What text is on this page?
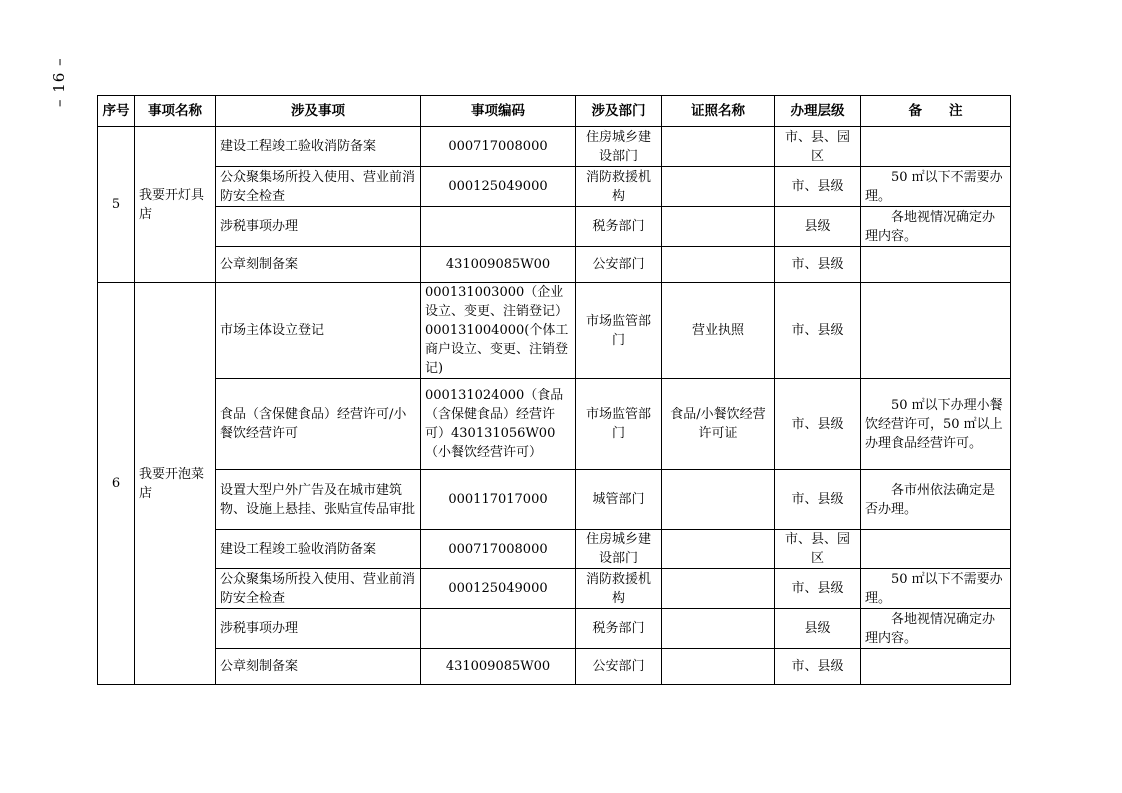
– 16 –
序号	事项名称	涉及事项	事项编码	涉及部门	证照名称	办理层级	备　　注
5	我要开灯具店	建设工程竣工验收消防备案	000717008000	住房城乡建设部门		市、县、园区	
		公众聚集场所投入使用、营业前消防安全检查	000125049000	消防救援机构		市、县级	50 ㎡以下不需要办理。
		涉税事项办理		税务部门		县级	各地视情况确定办理内容。
		公章刻制备案	431009085W00	公安部门		市、县级	
6	我要开泡菜店	市场主体设立登记	000131003000（企业设立、变更、注销登记）000131004000(个体工商户设立、变更、注销登记)	市场监管部门	营业执照	市、县级	
		食品（含保健食品）经营许可/小餐饮经营许可	000131024000（食品（含保健食品）经营许可）430131056W00（小餐饮经营许可）	市场监管部门	食品/小餐饮经营许可证	市、县级	50 ㎡以下办理小餐饮经营许可，50 ㎡以上办理食品经营许可。
		设置大型户外广告及在城市建筑物、设施上悬挂、张贴宣传品审批	000117017000	城管部门		市、县级	各市州依法确定是否办理。
		建设工程竣工验收消防备案	000717008000	住房城乡建设部门		市、县、园区	
		公众聚集场所投入使用、营业前消防安全检查	000125049000	消防救援机构		市、县级	50 ㎡以下不需要办理。
		涉税事项办理		税务部门		县级	各地视情况确定办理内容。
		公章刻制备案	431009085W00	公安部门		市、县级	
